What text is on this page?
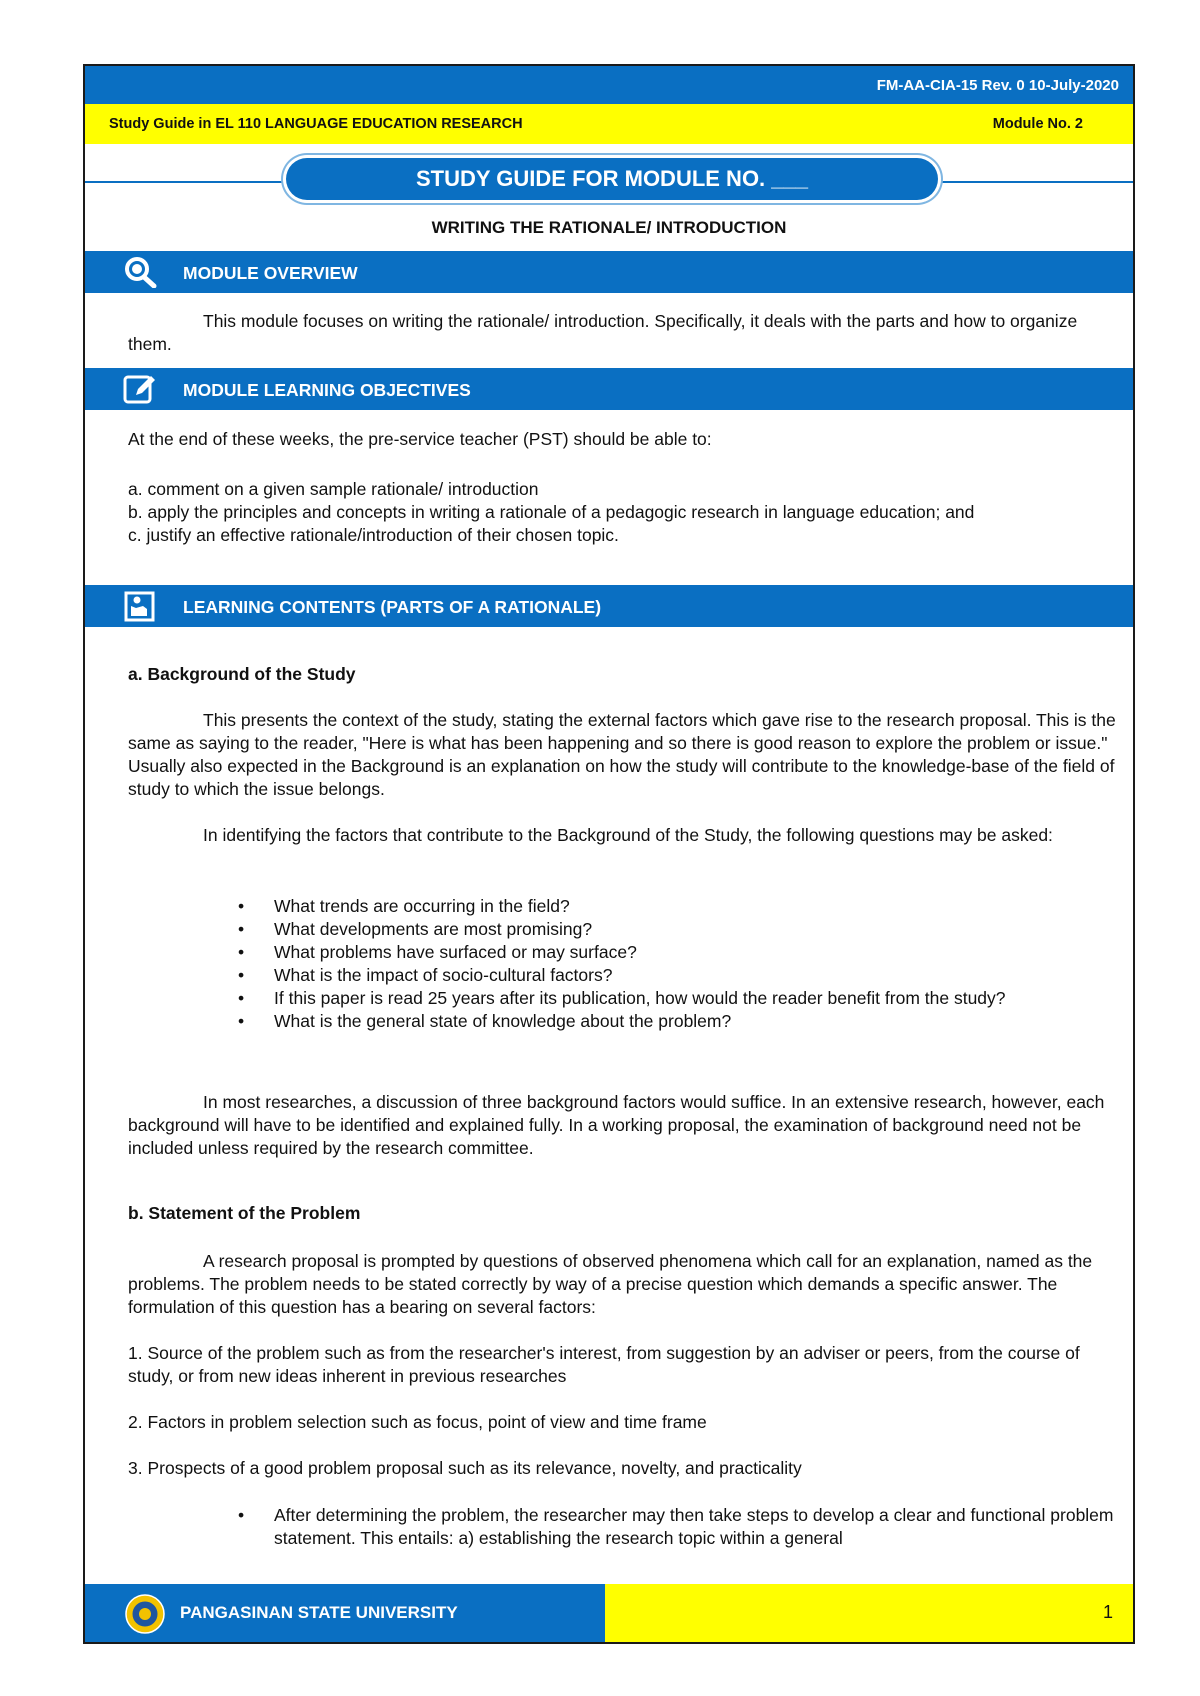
FM-AA-CIA-15 Rev. 0 10-July-2020
Study Guide in EL 110 LANGUAGE EDUCATION RESEARCH	Module No. 2
STUDY GUIDE FOR MODULE NO. ___
WRITING THE RATIONALE/ INTRODUCTION
MODULE OVERVIEW
This module focuses on writing the rationale/ introduction. Specifically, it deals with the parts and how to organize them.
MODULE LEARNING OBJECTIVES
At the end of these weeks, the pre-service teacher (PST) should be able to:
a. comment on a given sample rationale/ introduction
b. apply the principles and concepts in writing a rationale of a pedagogic research in language education; and
c. justify an effective rationale/introduction of their chosen topic.
LEARNING CONTENTS (PARTS OF A RATIONALE)
a. Background of the Study
This presents the context of the study, stating the external factors which gave rise to the research proposal. This is the same as saying to the reader, "Here is what has been happening and so there is good reason to explore the problem or issue." Usually also expected in the Background is an explanation on how the study will contribute to the knowledge-base of the field of study to which the issue belongs.
In identifying the factors that contribute to the Background of the Study, the following questions may be asked:
• What trends are occurring in the field?
• What developments are most promising?
• What problems have surfaced or may surface?
• What is the impact of socio-cultural factors?
• If this paper is read 25 years after its publication, how would the reader benefit from the study?
• What is the general state of knowledge about the problem?
In most researches, a discussion of three background factors would suffice. In an extensive research, however, each background will have to be identified and explained fully. In a working proposal, the examination of background need not be included unless required by the research committee.
b. Statement of the Problem
A research proposal is prompted by questions of observed phenomena which call for an explanation, named as the problems. The problem needs to be stated correctly by way of a precise question which demands a specific answer. The formulation of this question has a bearing on several factors:
1. Source of the problem such as from the researcher's interest, from suggestion by an adviser or peers, from the course of study, or from new ideas inherent in previous researches
2. Factors in problem selection such as focus, point of view and time frame
3. Prospects of a good problem proposal such as its relevance, novelty, and practicality
• After determining the problem, the researcher may then take steps to develop a clear and functional problem statement. This entails: a) establishing the research topic within a general
PANGASINAN STATE UNIVERSITY	1
